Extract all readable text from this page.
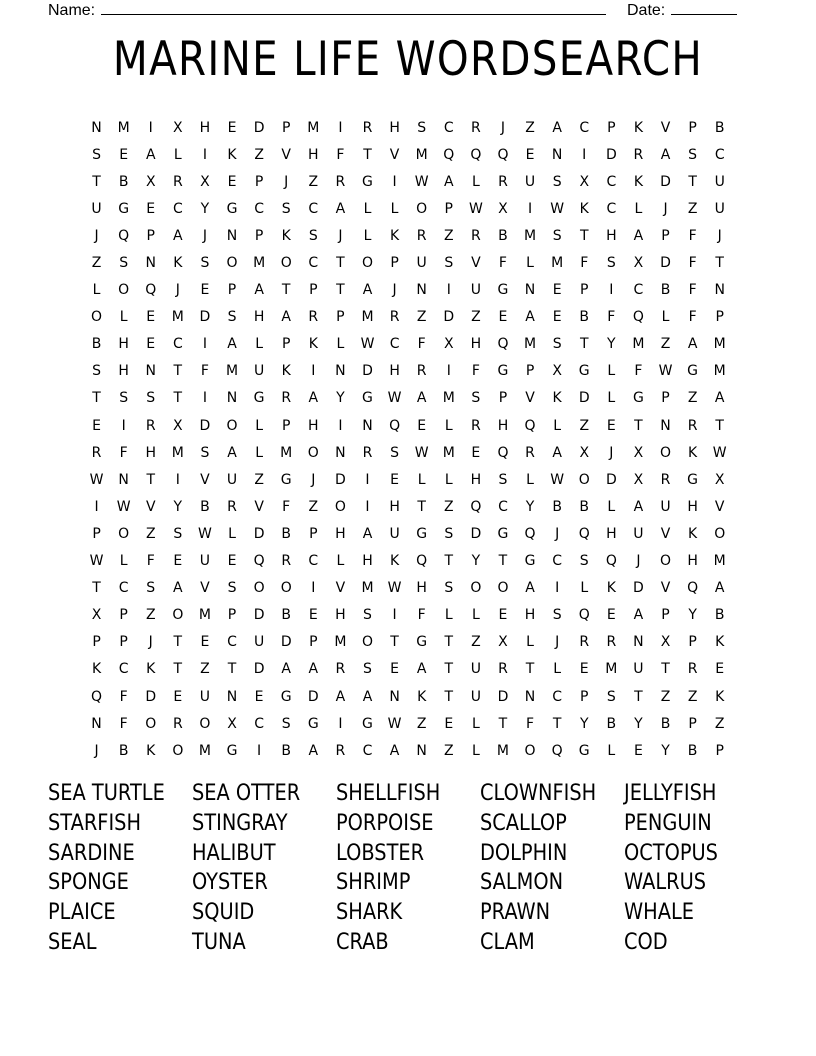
Name:	Date:
MARINE LIFE WORDSEARCH
N	M	I	X	H	E	D	P	M	I	R	H	S	C	R	J	Z	A	C	P	K	V	P	B
S	E	A	L	I	K	Z	V	H	F	T	V	M	Q	Q	Q	E	N	I	D	R	A	S	C
T	B	X	R	X	E	P	J	Z	R	G	I	W	A	L	R	U	S	X	C	K	D	T	U
U	G	E	C	Y	G	C	S	C	A	L	L	O	P	W	X	I	W	K	C	L	J	Z	U
J	Q	P	A	J	N	P	K	S	J	L	K	R	Z	R	B	M	S	T	H	A	P	F	J
Z	S	N	K	S	O	M	O	C	T	O	P	U	S	V	F	L	M	F	S	X	D	F	T
L	O	Q	J	E	P	A	T	P	T	A	J	N	I	U	G	N	E	P	I	C	B	F	N
O	L	E	M	D	S	H	A	R	P	M	R	Z	D	Z	E	A	E	B	F	Q	L	F	P
B	H	E	C	I	A	L	P	K	L	W	C	F	X	H	Q	M	S	T	Y	M	Z	A	M
S	H	N	T	F	M	U	K	I	N	D	H	R	I	F	G	P	X	G	L	F	W	G	M
T	S	S	T	I	N	G	R	A	Y	G	W	A	M	S	P	V	K	D	L	G	P	Z	A
E	I	R	X	D	O	L	P	H	I	N	Q	E	L	R	H	Q	L	Z	E	T	N	R	T
R	F	H	M	S	A	L	M	O	N	R	S	W	M	E	Q	R	A	X	J	X	O	K	W
W	N	T	I	V	U	Z	G	J	D	I	E	L	L	H	S	L	W	O	D	X	R	G	X
I	W	V	Y	B	R	V	F	Z	O	I	H	T	Z	Q	C	Y	B	B	L	A	U	H	V
P	O	Z	S	W	L	D	B	P	H	A	U	G	S	D	G	Q	J	Q	H	U	V	K	O
W	L	F	E	U	E	Q	R	C	L	H	K	Q	T	Y	T	G	C	S	Q	J	O	H	M
T	C	S	A	V	S	O	O	I	V	M	W	H	S	O	O	A	I	L	K	D	V	Q	A
X	P	Z	O	M	P	D	B	E	H	S	I	F	L	L	E	H	S	Q	E	A	P	Y	B
P	P	J	T	E	C	U	D	P	M	O	T	G	T	Z	X	L	J	R	R	N	X	P	K
K	C	K	T	Z	T	D	A	A	R	S	E	A	T	U	R	T	L	E	M	U	T	R	E
Q	F	D	E	U	N	E	G	D	A	A	N	K	T	U	D	N	C	P	S	T	Z	Z	K
N	F	O	R	O	X	C	S	G	I	G	W	Z	E	L	T	F	T	Y	B	Y	B	P	Z
J	B	K	O	M	G	I	B	A	R	C	A	N	Z	L	M	O	Q	G	L	E	Y	B	P
SEA TURTLE	SEA OTTER	SHELLFISH	CLOWNFISH	JELLYFISH
STARFISH	STINGRAY	PORPOISE	SCALLOP	PENGUIN
SARDINE	HALIBUT	LOBSTER	DOLPHIN	OCTOPUS
SPONGE	OYSTER	SHRIMP	SALMON	WALRUS
PLAICE	SQUID	SHARK	PRAWN	WHALE
SEAL	TUNA	CRAB	CLAM	COD
